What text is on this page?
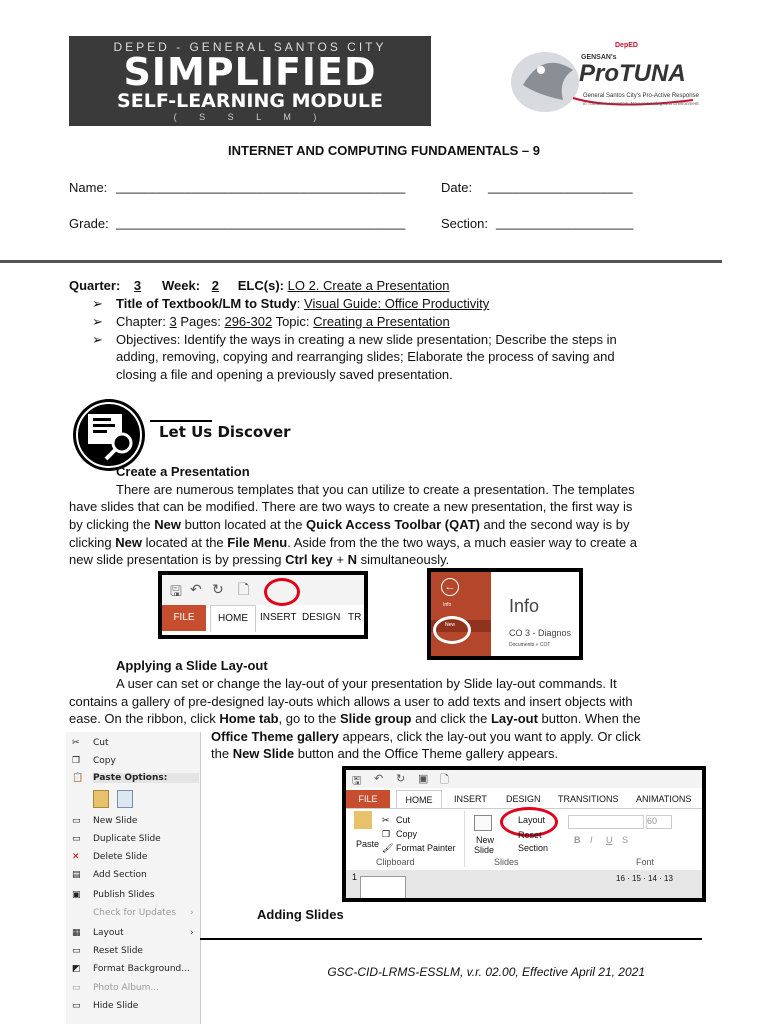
DEPED - GENERAL SANTOS CITY
SIMPLIFIED
SELF-LEARNING MODULE
( S S L M )
DepED
GENSAN's
ProTUNA
General Santos City's Pro-Active Response
in Turbulent, Uncertain, New and Ambiguous Environment
INTERNET AND COMPUTING FUNDAMENTALS – 9
Name: ________________________________________	Date: ____________________
Grade: ________________________________________	Section: ___________________
Quarter: 3 Week: 2 ELC(s): LO 2. Create a Presentation
➢ Title of Textbook/LM to Study: Visual Guide: Office Productivity
➢ Chapter: 3 Pages: 296-302 Topic: Creating a Presentation
➢ Objectives: Identify the ways in creating a new slide presentation; Describe the steps in
adding, removing, copying and rearranging slides; Elaborate the process of saving and
closing a file and opening a previously saved presentation.
Let Us Discover
Create a Presentation
There are numerous templates that you can utilize to create a presentation. The templates
have slides that can be modified. There are two ways to create a new presentation, the first way is
by clicking the New button located at the Quick Access Toolbar (QAT) and the second way is by
clicking New located at the File Menu. Aside from the the two ways, a much easier way to create a
new slide presentation is by pressing Ctrl key + N simultaneously.
🖫 ↶ ↻ 🗋
FILE	HOME	INSERT DESIGN TR
←
Info
New
Info
CO 3 - Diagnos
Documents » COT
Applying a Slide Lay-out
A user can set or change the lay-out of your presentation by Slide lay-out commands. It
contains a gallery of pre-designed lay-outs which allows a user to add texts and insert objects with
ease. On the ribbon, click Home tab, go to the Slide group and click the Lay-out button. When the
Office Theme gallery appears, click the lay-out you want to apply. Or click
the New Slide button and the Office Theme gallery appears.
✂	Cut
❐	Copy
📋 Paste Options:
▭	New Slide
▭	Duplicate Slide
✕	Delete Slide
▤	Add Section
▣	Publish Slides
Check for Updates ›
▦	Layout	›
▭	Reset Slide
◩	Format Background...
▭	Photo Album...
▭	Hide Slide
🖫 ↶ ↻ ▣ 🗋
FILE	HOME	INSERT DESIGN TRANSITIONS ANIMATIONS
Paste
✂ Cut
❐ Copy
🖌 Format Painter
Clipboard
New
Slide
Layout
Reset
Section
Slides
60
B I U S
Font
1	16 · 15 · 14 · 13
Adding Slides
GSC-CID-LRMS-ESSLM, v.r. 02.00, Effective April 21, 2021
